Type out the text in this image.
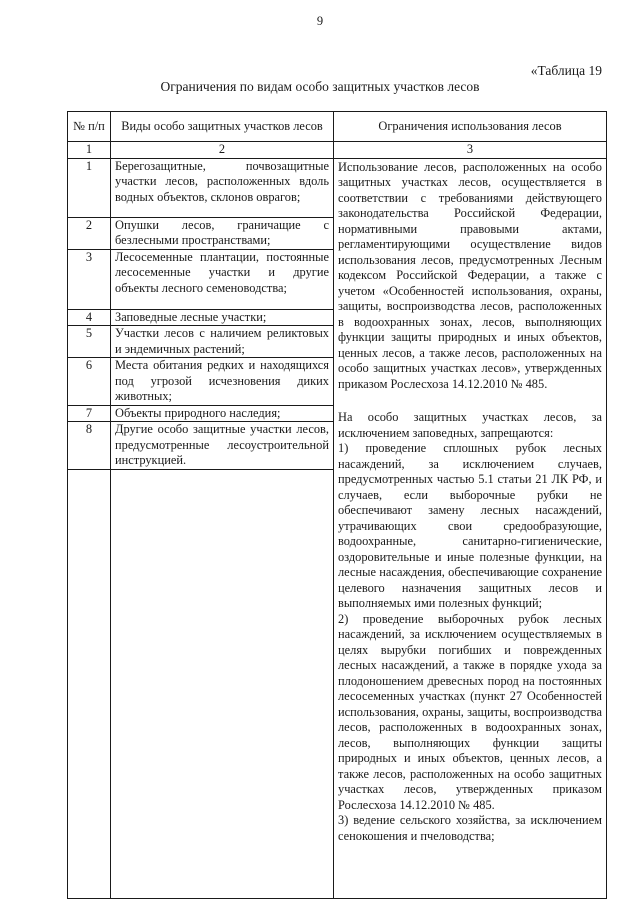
9
«Таблица 19
Ограничения по видам особо защитных участков лесов
№ п/п	Виды особо защитных участков лесов	Ограничения использования лесов
1	2	3
1	Берегозащитные, почвозащитные участки лесов, расположенных вдоль водных объектов, склонов оврагов;	Использование лесов, расположенных на особо защитных участках лесов, осуществляется в соответствии с требованиями действующего законодательства Российской Федерации, нормативными правовыми актами, регламентирующими осуществление видов использования лесов, предусмотренных Лесным кодексом Российской Федерации, а также с учетом «Особенностей использования, охраны, защиты, воспроизводства лесов, расположенных в водоохранных зонах, лесов, выполняющих функции защиты природных и иных объектов, ценных лесов, а также лесов, расположенных на особо защитных участках лесов», утвержденных приказом Рослесхоза 14.12.2010 № 485.

На особо защитных участках лесов, за исключением заповедных, запрещаются:

1) проведение сплошных рубок лесных насаждений, за исключением случаев, предусмотренных частью 5.1 статьи 21 ЛК РФ, и случаев, если выборочные рубки не обеспечивают замену лесных насаждений, утрачивающих свои средообразующие, водоохранные, санитарно-гигиенические, оздоровительные и иные полезные функции, на лесные насаждения, обеспечивающие сохранение целевого назначения защитных лесов и выполняемых ими полезных функций;

2) проведение выборочных рубок лесных насаждений, за исключением осуществляемых в целях вырубки погибших и поврежденных лесных насаждений, а также в порядке ухода за плодоношением древесных пород на постоянных лесосеменных участках (пункт 27 Особенностей использования, охраны, защиты, воспроизводства лесов, расположенных в водоохранных зонах, лесов, выполняющих функции защиты природных и иных объектов, ценных лесов, а также лесов, расположенных на особо защитных участках лесов, утвержденных приказом Рослесхоза 14.12.2010 № 485.

3) ведение сельского хозяйства, за исключением сенокошения и пчеловодства;

2	Опушки лесов, граничащие с безлесными пространствами;	
3	Лесосеменные плантации, постоянные лесосеменные участки и другие объекты лесного семеноводства;	
4	Заповедные лесные участки;	
5	Участки лесов с наличием реликтовых и эндемичных растений;	
6	Места обитания редких и находящихся под угрозой исчезновения диких животных;	
7	Объекты природного наследия;	
8	Другие особо защитные участки лесов, предусмотренные лесоустроительной инструкцией.	
